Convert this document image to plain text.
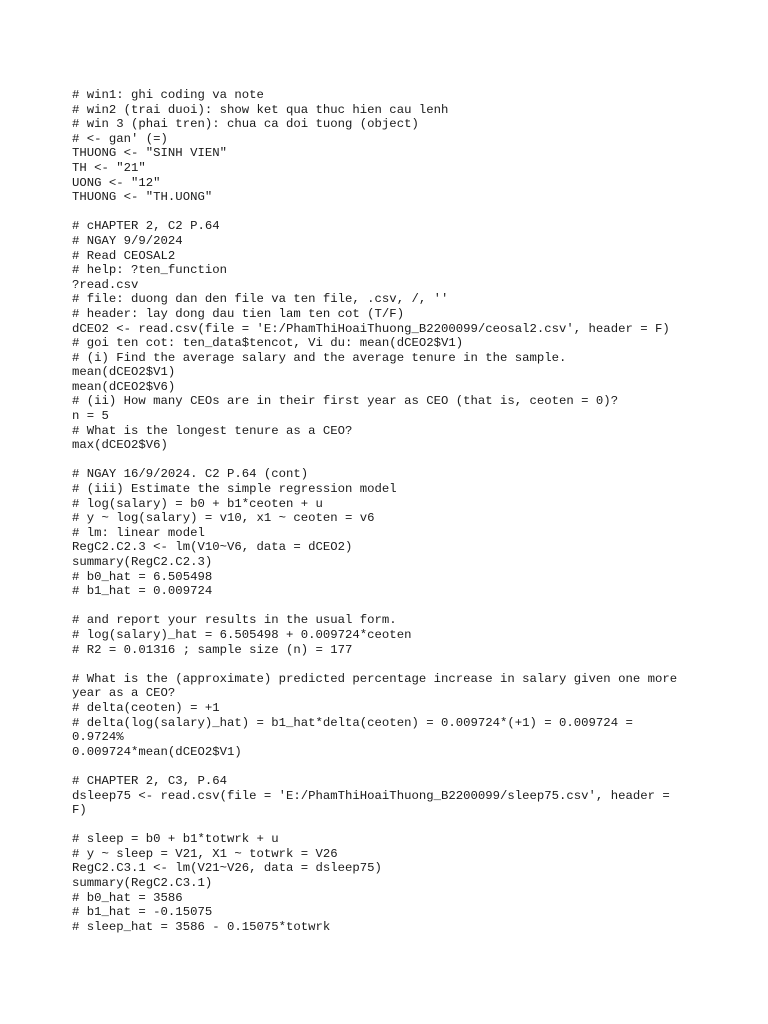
# win1: ghi coding va note
# win2 (trai duoi): show ket qua thuc hien cau lenh
# win 3 (phai tren): chua ca doi tuong (object)
# <- gan' (=)
THUONG <- "SINH VIEN"
TH <- "21"
UONG <- "12"
THUONG <- "TH.UONG"
# cHAPTER 2, C2 P.64
# NGAY 9/9/2024
# Read CEOSAL2
# help: ?ten_function
?read.csv
# file: duong dan den file va ten file, .csv, /, ''
# header: lay dong dau tien lam ten cot (T/F)
dCEO2 <- read.csv(file = 'E:/PhamThiHoaiThuong_B2200099/ceosal2.csv', header = F)
# goi ten cot: ten_data$tencot, Vi du: mean(dCEO2$V1)
# (i) Find the average salary and the average tenure in the sample.
mean(dCEO2$V1)
mean(dCEO2$V6)
# (ii) How many CEOs are in their first year as CEO (that is, ceoten = 0)?
n = 5
# What is the longest tenure as a CEO?
max(dCEO2$V6)
# NGAY 16/9/2024. C2 P.64 (cont)
# (iii) Estimate the simple regression model
# log(salary) = b0 + b1*ceoten + u
# y ~ log(salary) = v10, x1 ~ ceoten = v6
# lm: linear model
RegC2.C2.3 <- lm(V10~V6, data = dCEO2)
summary(RegC2.C2.3)
# b0_hat = 6.505498
# b1_hat = 0.009724
# and report your results in the usual form.
# log(salary)_hat = 6.505498 + 0.009724*ceoten
# R2 = 0.01316 ; sample size (n) = 177
# What is the (approximate) predicted percentage increase in salary given one more
year as a CEO?
# delta(ceoten) = +1
# delta(log(salary)_hat) = b1_hat*delta(ceoten) = 0.009724*(+1) = 0.009724 =
0.9724%
0.009724*mean(dCEO2$V1)
# CHAPTER 2, C3, P.64
dsleep75 <- read.csv(file = 'E:/PhamThiHoaiThuong_B2200099/sleep75.csv', header =
F)
# sleep = b0 + b1*totwrk + u
# y ~ sleep = V21, X1 ~ totwrk = V26
RegC2.C3.1 <- lm(V21~V26, data = dsleep75)
summary(RegC2.C3.1)
# b0_hat = 3586
# b1_hat = -0.15075
# sleep_hat = 3586 - 0.15075*totwrk
